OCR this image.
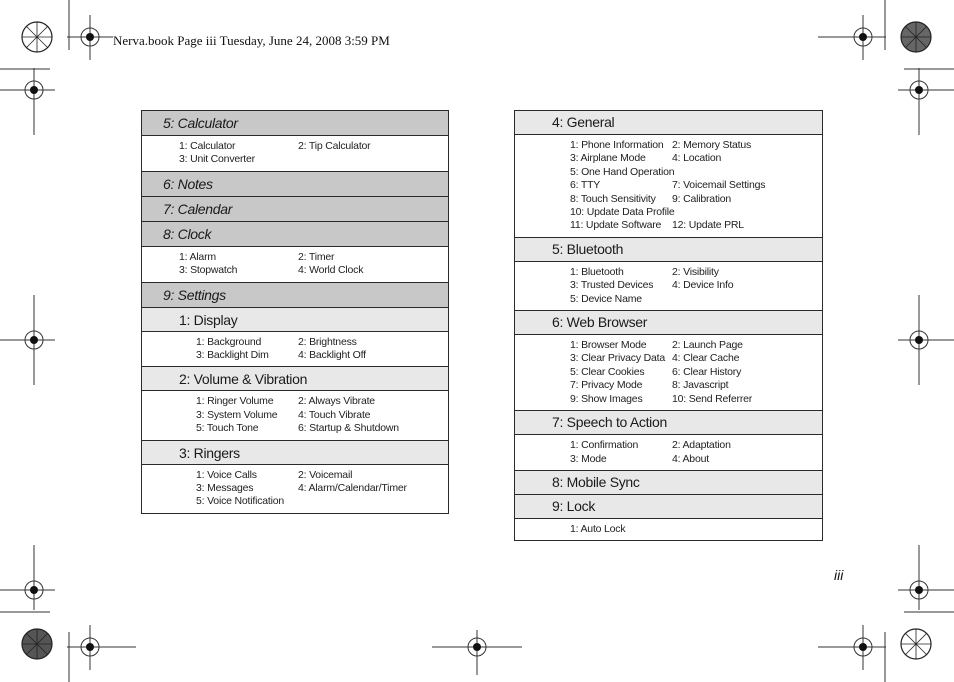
Nerva.book Page iii Tuesday, June 24, 2008 3:59 PM
iii
5: Calculator
1: Calculator	2: Tip Calculator
3: Unit Converter
6: Notes
7: Calendar
8: Clock
1: Alarm	2: Timer
3: Stopwatch	4: World Clock
9: Settings
1: Display
1: Background	2: Brightness
3: Backlight Dim	4: Backlight Off
2: Volume & Vibration
1: Ringer Volume	2: Always Vibrate
3: System Volume	4: Touch Vibrate
5: Touch Tone	6: Startup & Shutdown
3: Ringers
1: Voice Calls	2: Voicemail
3: Messages	4: Alarm/Calendar/Timer
5: Voice Notification
4: General
1: Phone Information 2: Memory Status
3: Airplane Mode	4: Location
5: One Hand Operation
6: TTY	7: Voicemail Settings
8: Touch Sensitivity	9: Calibration
10: Update Data Profile
11: Update Software	12: Update PRL
5: Bluetooth
1: Bluetooth	2: Visibility
3: Trusted Devices	4: Device Info
5: Device Name
6: Web Browser
1: Browser Mode	2: Launch Page
3: Clear Privacy Data 4: Clear Cache
5: Clear Cookies	6: Clear History
7: Privacy Mode	8: Javascript
9: Show Images	10: Send Referrer
7: Speech to Action
1: Confirmation	2: Adaptation
3: Mode	4: About
8: Mobile Sync
9: Lock
1: Auto Lock
